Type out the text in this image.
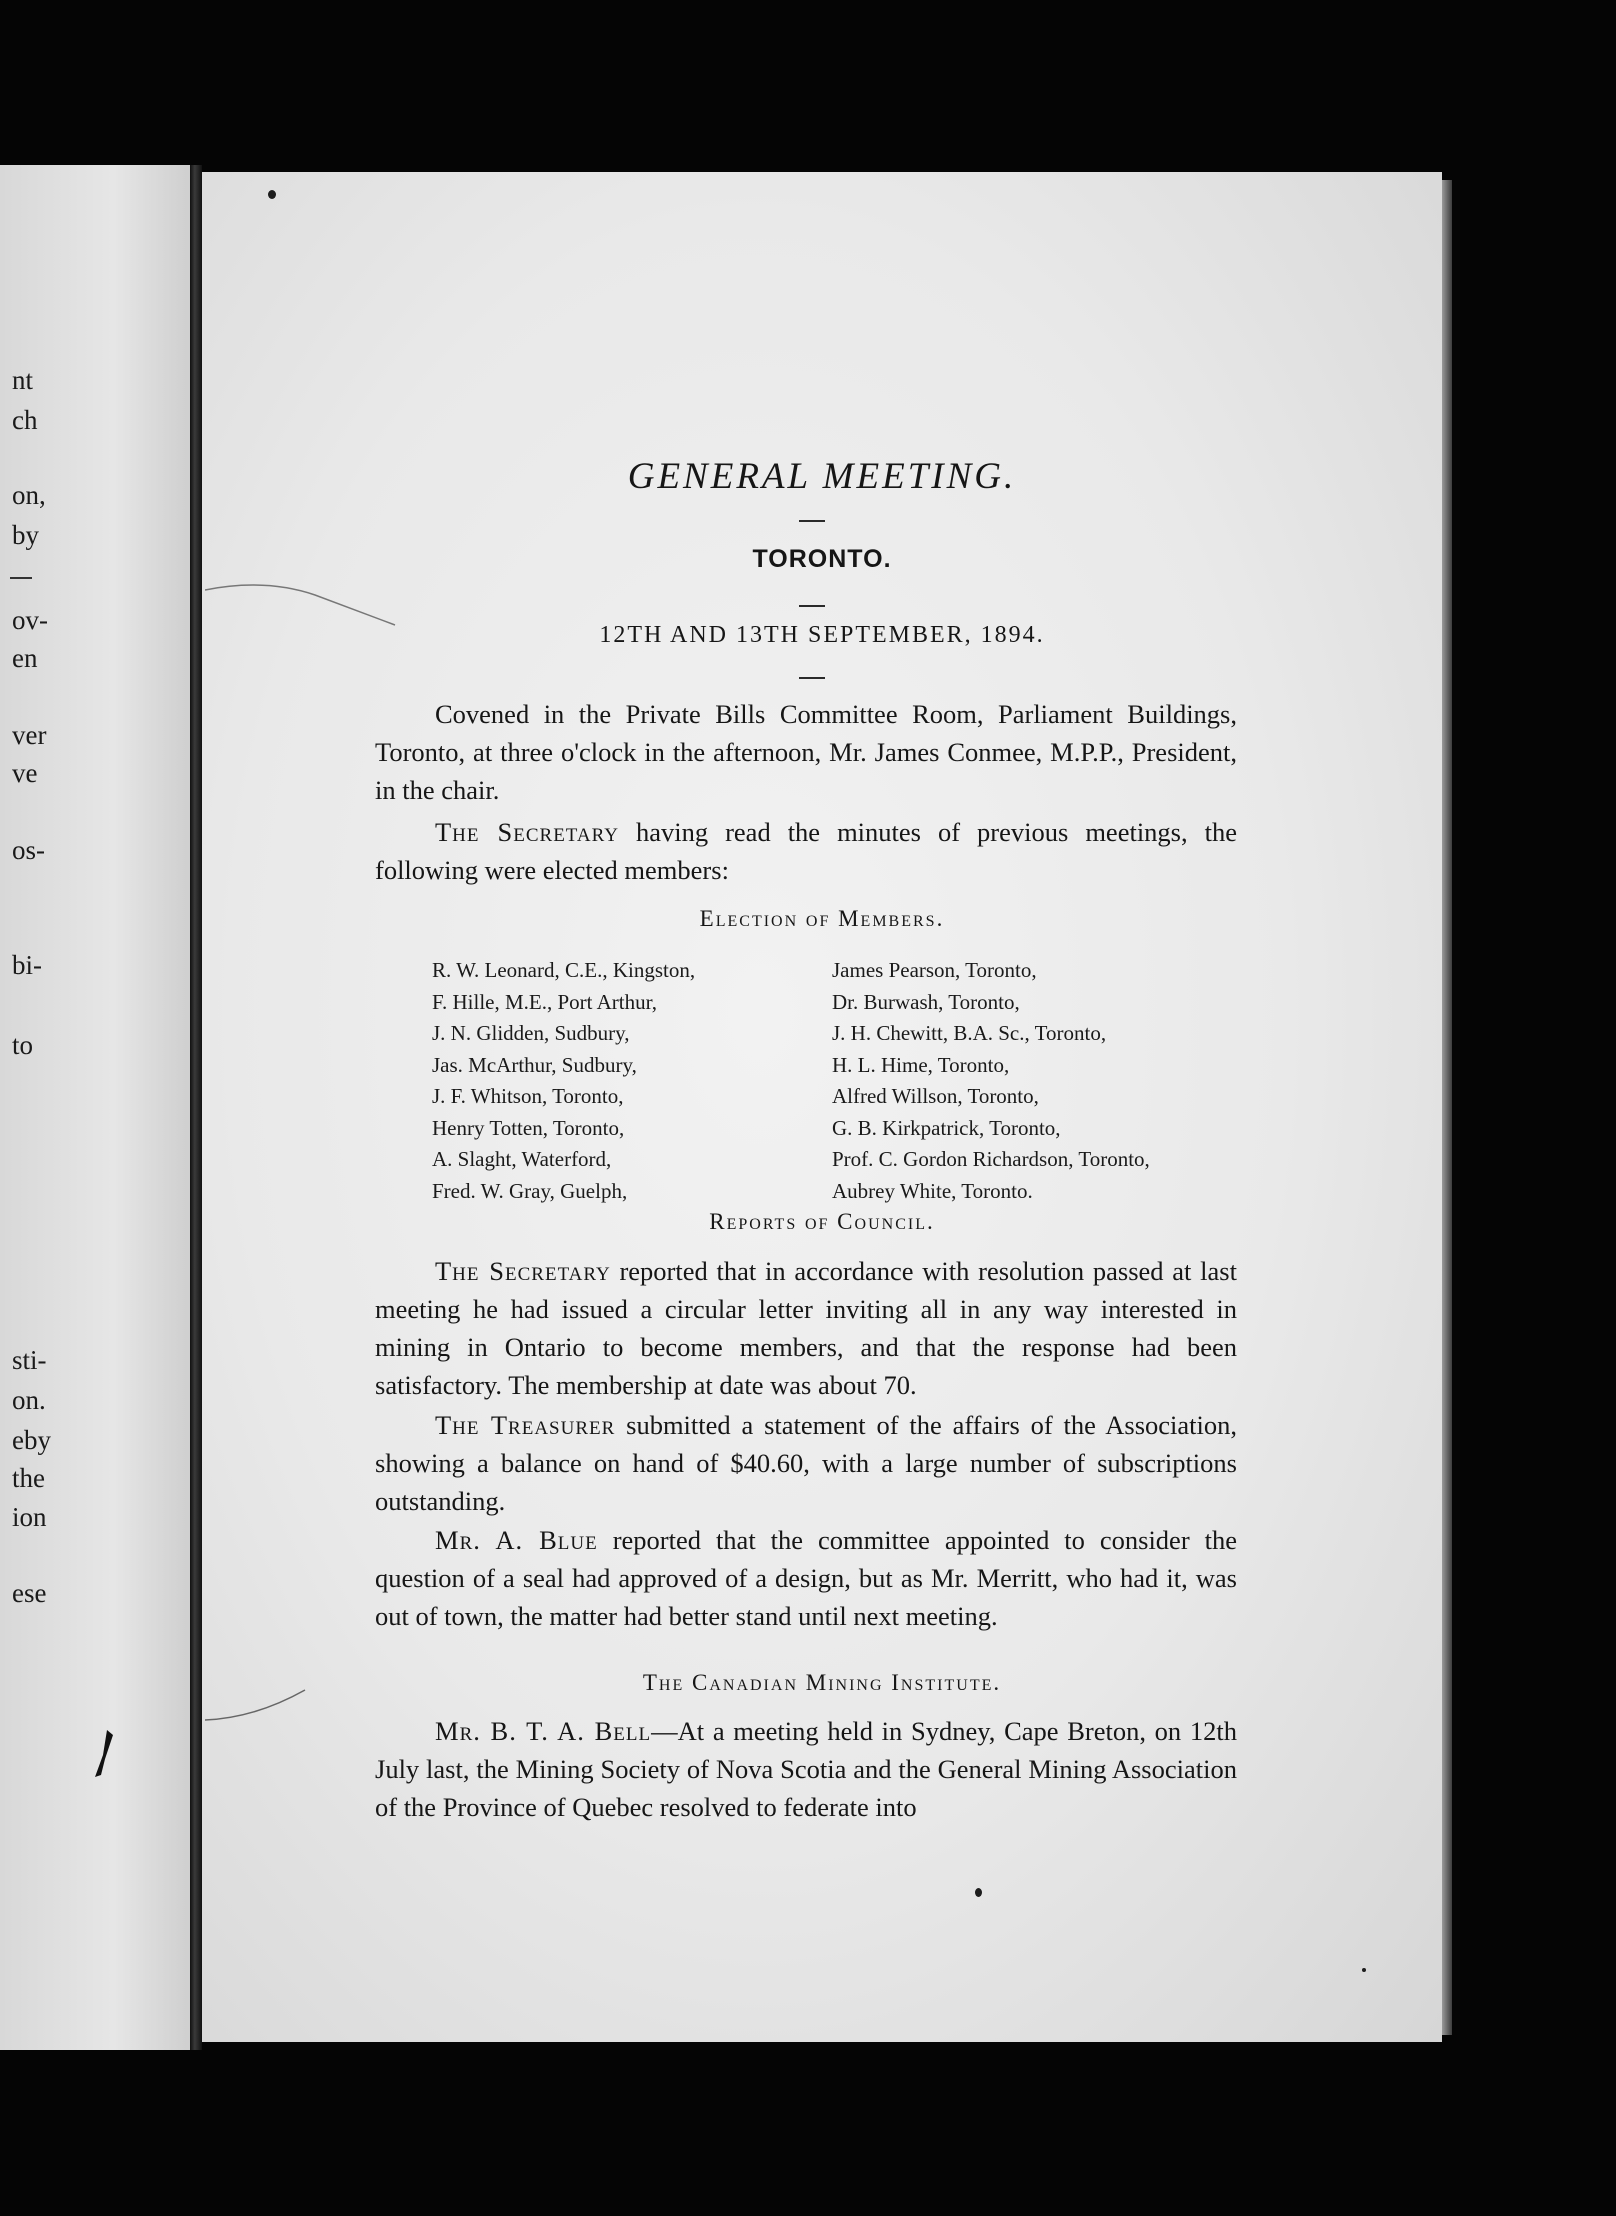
nt
ch
on,
by
ov-
en
ver
ve
os-
bi-
to
sti-
on.
eby
the
ion
ese
GENERAL MEETING.
TORONTO.
12TH AND 13TH SEPTEMBER, 1894.
Covened in the Private Bills Committee Room, Parliament Buildings, Toronto, at three o'clock in the afternoon, Mr. James Conmee, M.P.P., President, in the chair.
The Secretary having read the minutes of previous meetings, the following were elected members:
Election of Members.
R. W. Leonard, C.E., Kingston,
F. Hille, M.E., Port Arthur,
J. N. Glidden, Sudbury,
Jas. McArthur, Sudbury,
J. F. Whitson, Toronto,
Henry Totten, Toronto,
A. Slaght, Waterford,
Fred. W. Gray, Guelph,
James Pearson, Toronto,
Dr. Burwash, Toronto,
J. H. Chewitt, B.A. Sc., Toronto,
H. L. Hime, Toronto,
Alfred Willson, Toronto,
G. B. Kirkpatrick, Toronto,
Prof. C. Gordon Richardson, Toronto,
Aubrey White, Toronto.
Reports of Council.
The Secretary reported that in accordance with resolution passed at last meeting he had issued a circular letter inviting all in any way interested in mining in Ontario to become members, and that the response had been satisfactory. The membership at date was about 70.
The Treasurer submitted a statement of the affairs of the Association, showing a balance on hand of $40.60, with a large number of subscriptions outstanding.
Mr. A. Blue reported that the committee appointed to consider the question of a seal had approved of a design, but as Mr. Merritt, who had it, was out of town, the matter had better stand until next meeting.
The Canadian Mining Institute.
Mr. B. T. A. Bell—At a meeting held in Sydney, Cape Breton, on 12th July last, the Mining Society of Nova Scotia and the General Mining Association of the Province of Quebec resolved to federate into
